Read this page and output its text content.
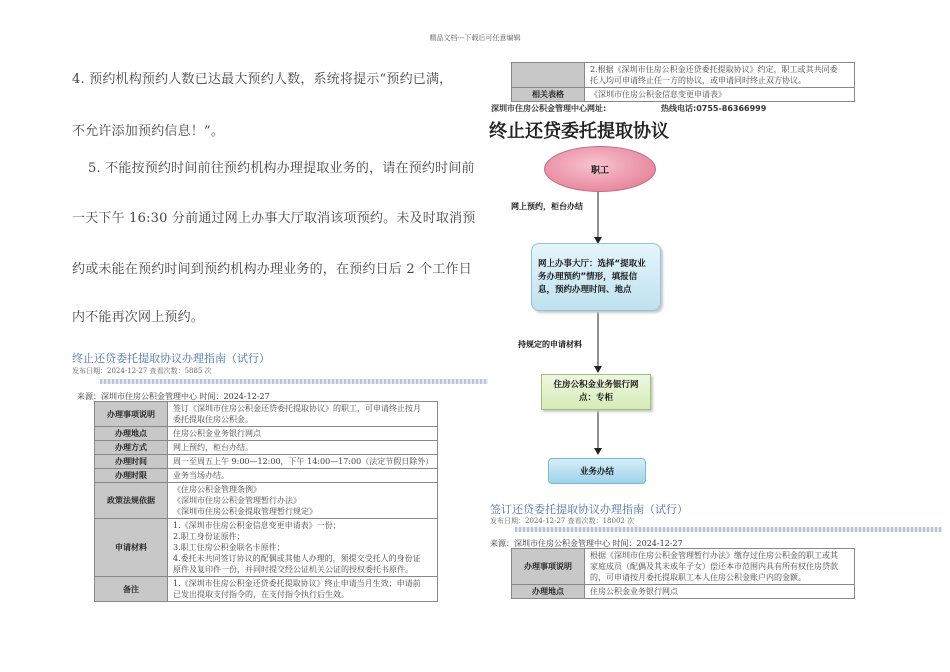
精品文档---下载后可任意编辑
4. 预约机构预约人数已达最大预约人数，系统将提示“预约已满，
不允许添加预约信息！”。
5. 不能按预约时间前往预约机构办理提取业务的，请在预约时间前
一天下午 16:30 分前通过网上办事大厅取消该项预约。未及时取消预
约或未能在预约时间到预约机构办理业务的，在预约日后 2 个工作日
内不能再次网上预约。
终止还贷委托提取协议办理指南（试行）
发布日期：2024-12-27 查看次数：5885 次
来源：深圳市住房公积金管理中心 时间：2024-12-27
办理事项说明	签订《深圳市住房公积金还贷委托提取协议》的职工，可申请终止按月
委托提取住房公积金。

办理地点	住房公积金业务银行网点

办理方式	网上预约，柜台办结。

办理时间	周一至周五上午 9:00—12:00，下午 14:00—17:00（法定节假日除外）

办理时限	业务当场办结。

政策法规依据	《住房公积金管理条例》
《深圳市住房公积金管理暂行办法》
《深圳市住房公积金提取管理暂行规定》

申请材料	1.《深圳市住房公积金信息变更申请表》一份；
2.职工身份证原件；
3.职工住房公积金联名卡原件；
4.委托未共同签订协议的配偶或其他人办理的，须提交受托人的身份证
原件及复印件一份，并同时提交经公证机关公证的授权委托书原件。

备注	1.《深圳市住房公积金还贷委托提取协议》终止申请当月生效；申请前
已发出提取支付指令的，在支付指令执行后生效。

	2.根据《深圳市住房公积金还贷委托提取协议》约定，职工或其共同委
托人均可申请终止任一方的协议，或申请同时终止双方协议。

相关表格	《深圳市住房公积金信息变更申请表》
深圳市住房公积金管理中心网址:	热线电话:0755-86366999
终止还贷委托提取协议
职工
网上预约，柜台办结
网上办事大厅：选择“提取业务办理预约”情形，填报信息，预约办理时间、地点
持规定的申请材料
住房公积金业务银行网点：专柜
业务办结
签订还贷委托提取协议办理指南（试行）
发布日期：2024-12-27 查看次数：18002 次
来源：深圳市住房公积金管理中心 时间：2024-12-27
办理事项说明	根据《深圳市住房公积金管理暂行办法》缴存过住房公积金的职工或其
家庭成员（配偶及其未成年子女）偿还本市范围内具有所有权住房贷款
的，可申请按月委托提取职工本人住房公积金账户内的金额。

办理地点	住房公积金业务银行网点
